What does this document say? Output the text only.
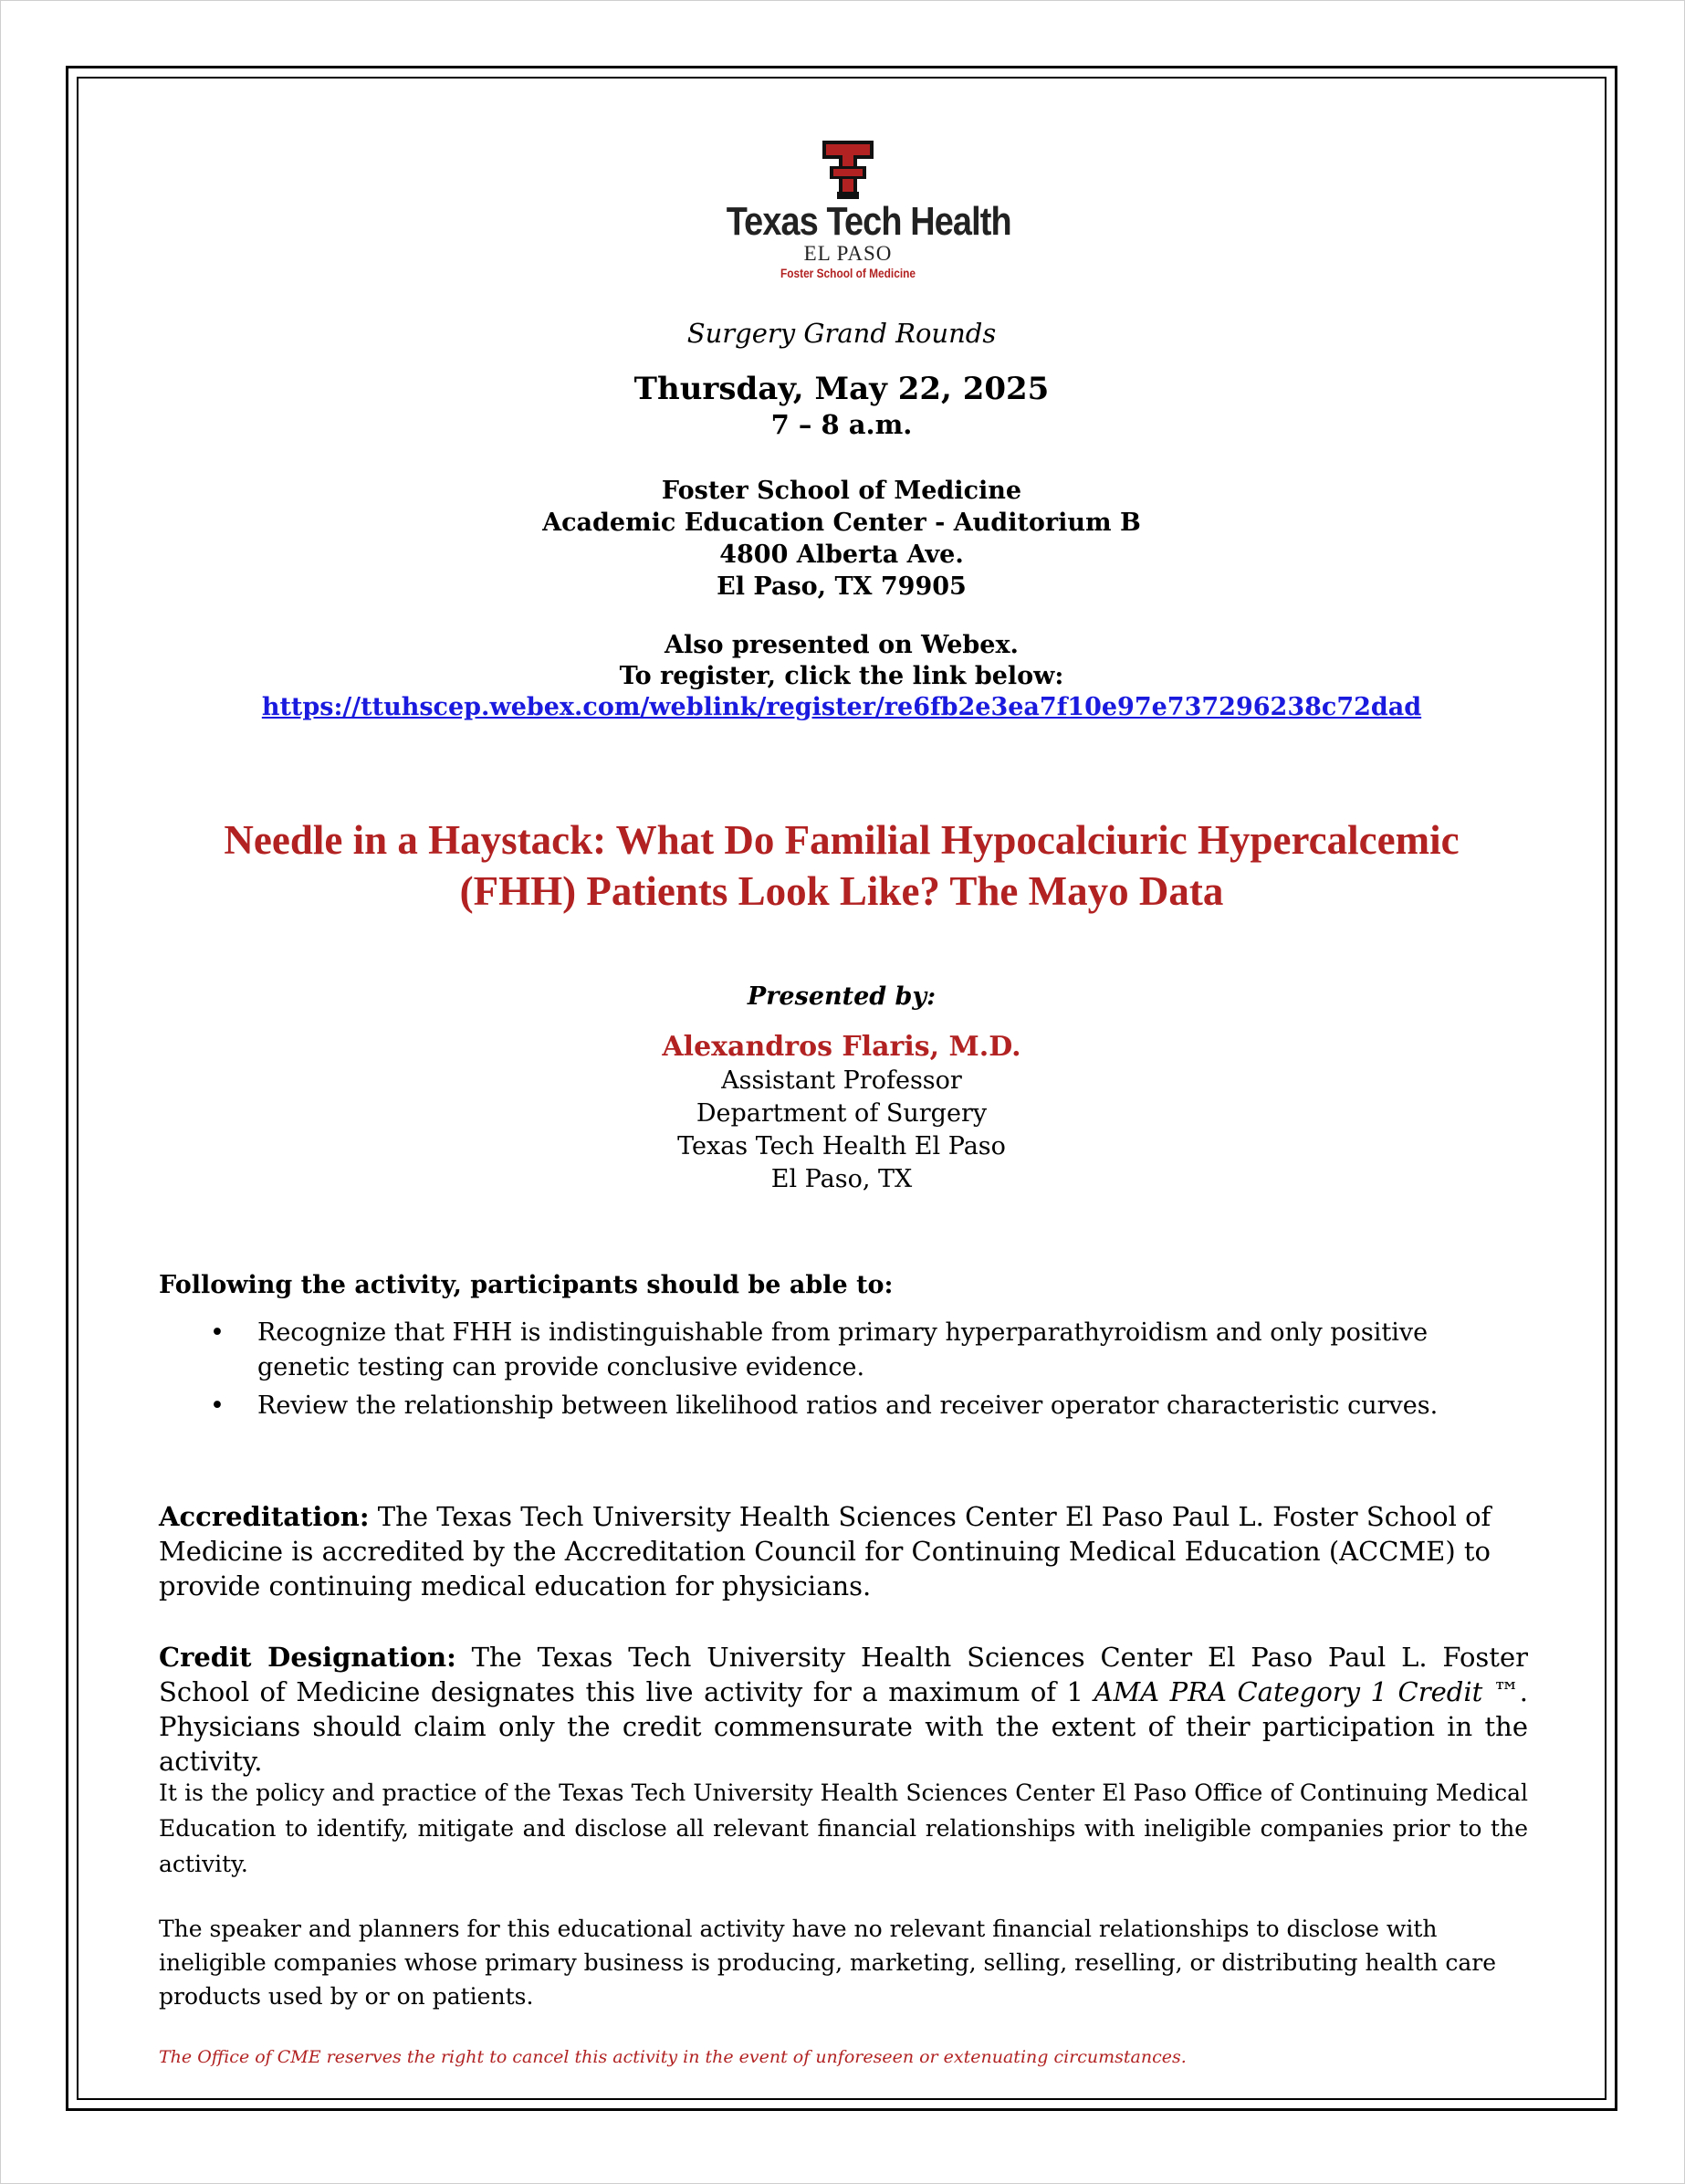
Texas Tech Health
EL PASO
Foster School of Medicine
Surgery Grand Rounds
Thursday, May 22, 2025
7 – 8 a.m.
Foster School of Medicine
Academic Education Center - Auditorium B
4800 Alberta Ave.
El Paso, TX 79905
Also presented on Webex.
To register, click the link below:
https://ttuhscep.webex.com/weblink/register/re6fb2e3ea7f10e97e737296238c72dad
Needle in a Haystack: What Do Familial Hypocalciuric Hypercalcemic
(FHH) Patients Look Like? The Mayo Data
Presented by:
Alexandros Flaris, M.D.
Assistant Professor
Department of Surgery
Texas Tech Health El Paso
El Paso, TX
Following the activity, participants should be able to:
• Recognize that FHH is indistinguishable from primary hyperparathyroidism and only positive
genetic testing can provide conclusive evidence.
• Review the relationship between likelihood ratios and receiver operator characteristic curves.
Accreditation: The Texas Tech University Health Sciences Center El Paso Paul L. Foster School of Medicine is accredited by the Accreditation Council for Continuing Medical Education (ACCME) to provide continuing medical education for physicians.
Credit Designation: The Texas Tech University Health Sciences Center El Paso Paul L. Foster School of Medicine designates this live activity for a maximum of 1 AMA PRA Category 1 Credit ™. Physicians should claim only the credit commensurate with the extent of their participation in the activity.
It is the policy and practice of the Texas Tech University Health Sciences Center El Paso Office of Continuing Medical Education to identify, mitigate and disclose all relevant financial relationships with ineligible companies prior to the activity.
The speaker and planners for this educational activity have no relevant financial relationships to disclose with ineligible companies whose primary business is producing, marketing, selling, reselling, or distributing health care products used by or on patients.
The Office of CME reserves the right to cancel this activity in the event of unforeseen or extenuating circumstances.
